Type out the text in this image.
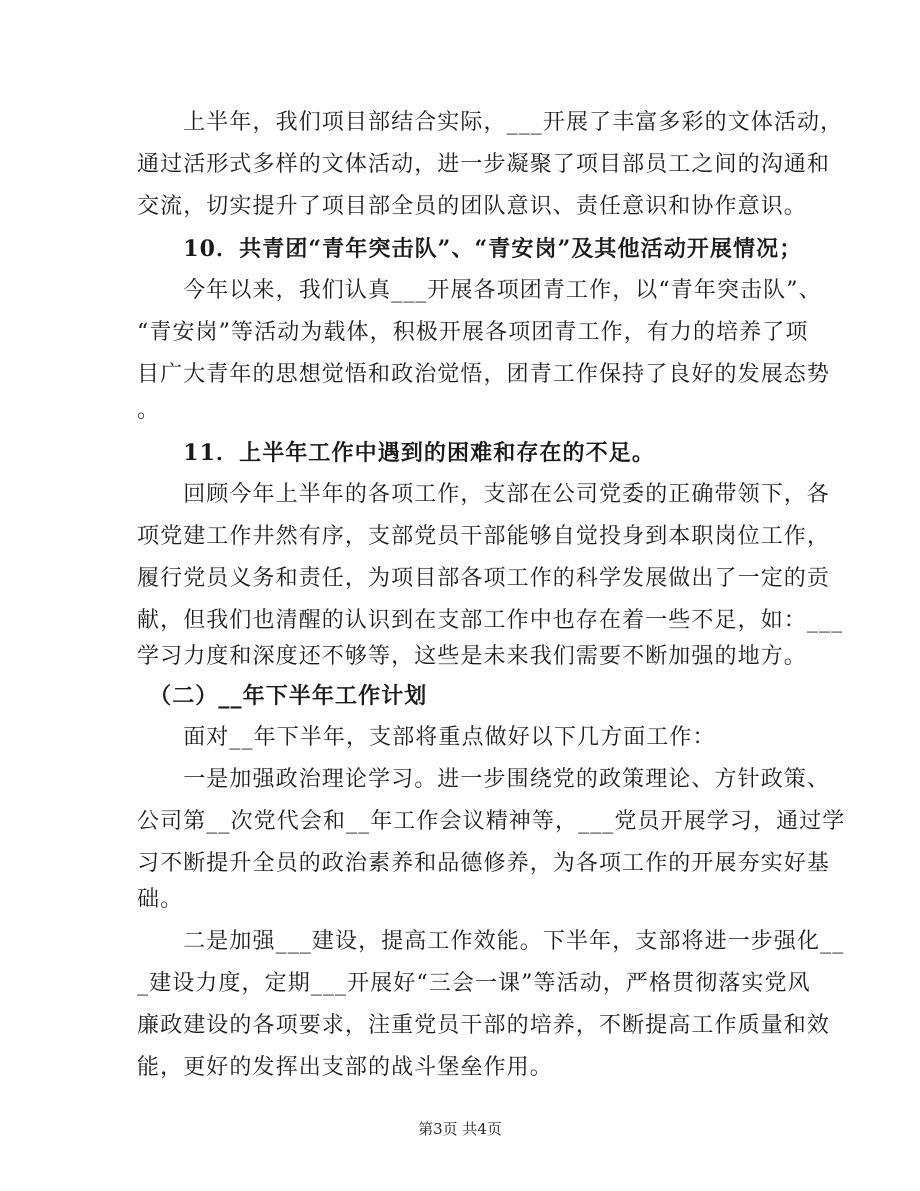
　　上半年，我们项目部结合实际，___开展了丰富多彩的文体活动，
通过活形式多样的文体活动，进一步凝聚了项目部员工之间的沟通和
交流，切实提升了项目部全员的团队意识、责任意识和协作意识。
　　10．共青团“青年突击队”、“青安岗”及其他活动开展情况；
　　今年以来，我们认真___开展各项团青工作，以“青年突击队”、
“青安岗”等活动为载体，积极开展各项团青工作，有力的培养了项
目广大青年的思想觉悟和政治觉悟，团青工作保持了良好的发展态势
。
　　11．上半年工作中遇到的困难和存在的不足。
　　回顾今年上半年的各项工作，支部在公司党委的正确带领下，各
项党建工作井然有序，支部党员干部能够自觉投身到本职岗位工作，
履行党员义务和责任，为项目部各项工作的科学发展做出了一定的贡
献，但我们也清醒的认识到在支部工作中也存在着一些不足，如：___
学习力度和深度还不够等，这些是未来我们需要不断加强的地方。
　（二）__年下半年工作计划
　　面对__年下半年，支部将重点做好以下几方面工作：
　　一是加强政治理论学习。进一步围绕党的政策理论、方针政策、
公司第__次党代会和__年工作会议精神等，___党员开展学习，通过学
习不断提升全员的政治素养和品德修养，为各项工作的开展夯实好基
础。
　　二是加强___建设，提高工作效能。下半年，支部将进一步强化__
_建设力度，定期___开展好“三会一课”等活动，严格贯彻落实党风
廉政建设的各项要求，注重党员干部的培养，不断提高工作质量和效
能，更好的发挥出支部的战斗堡垒作用。
第3页 共4页
